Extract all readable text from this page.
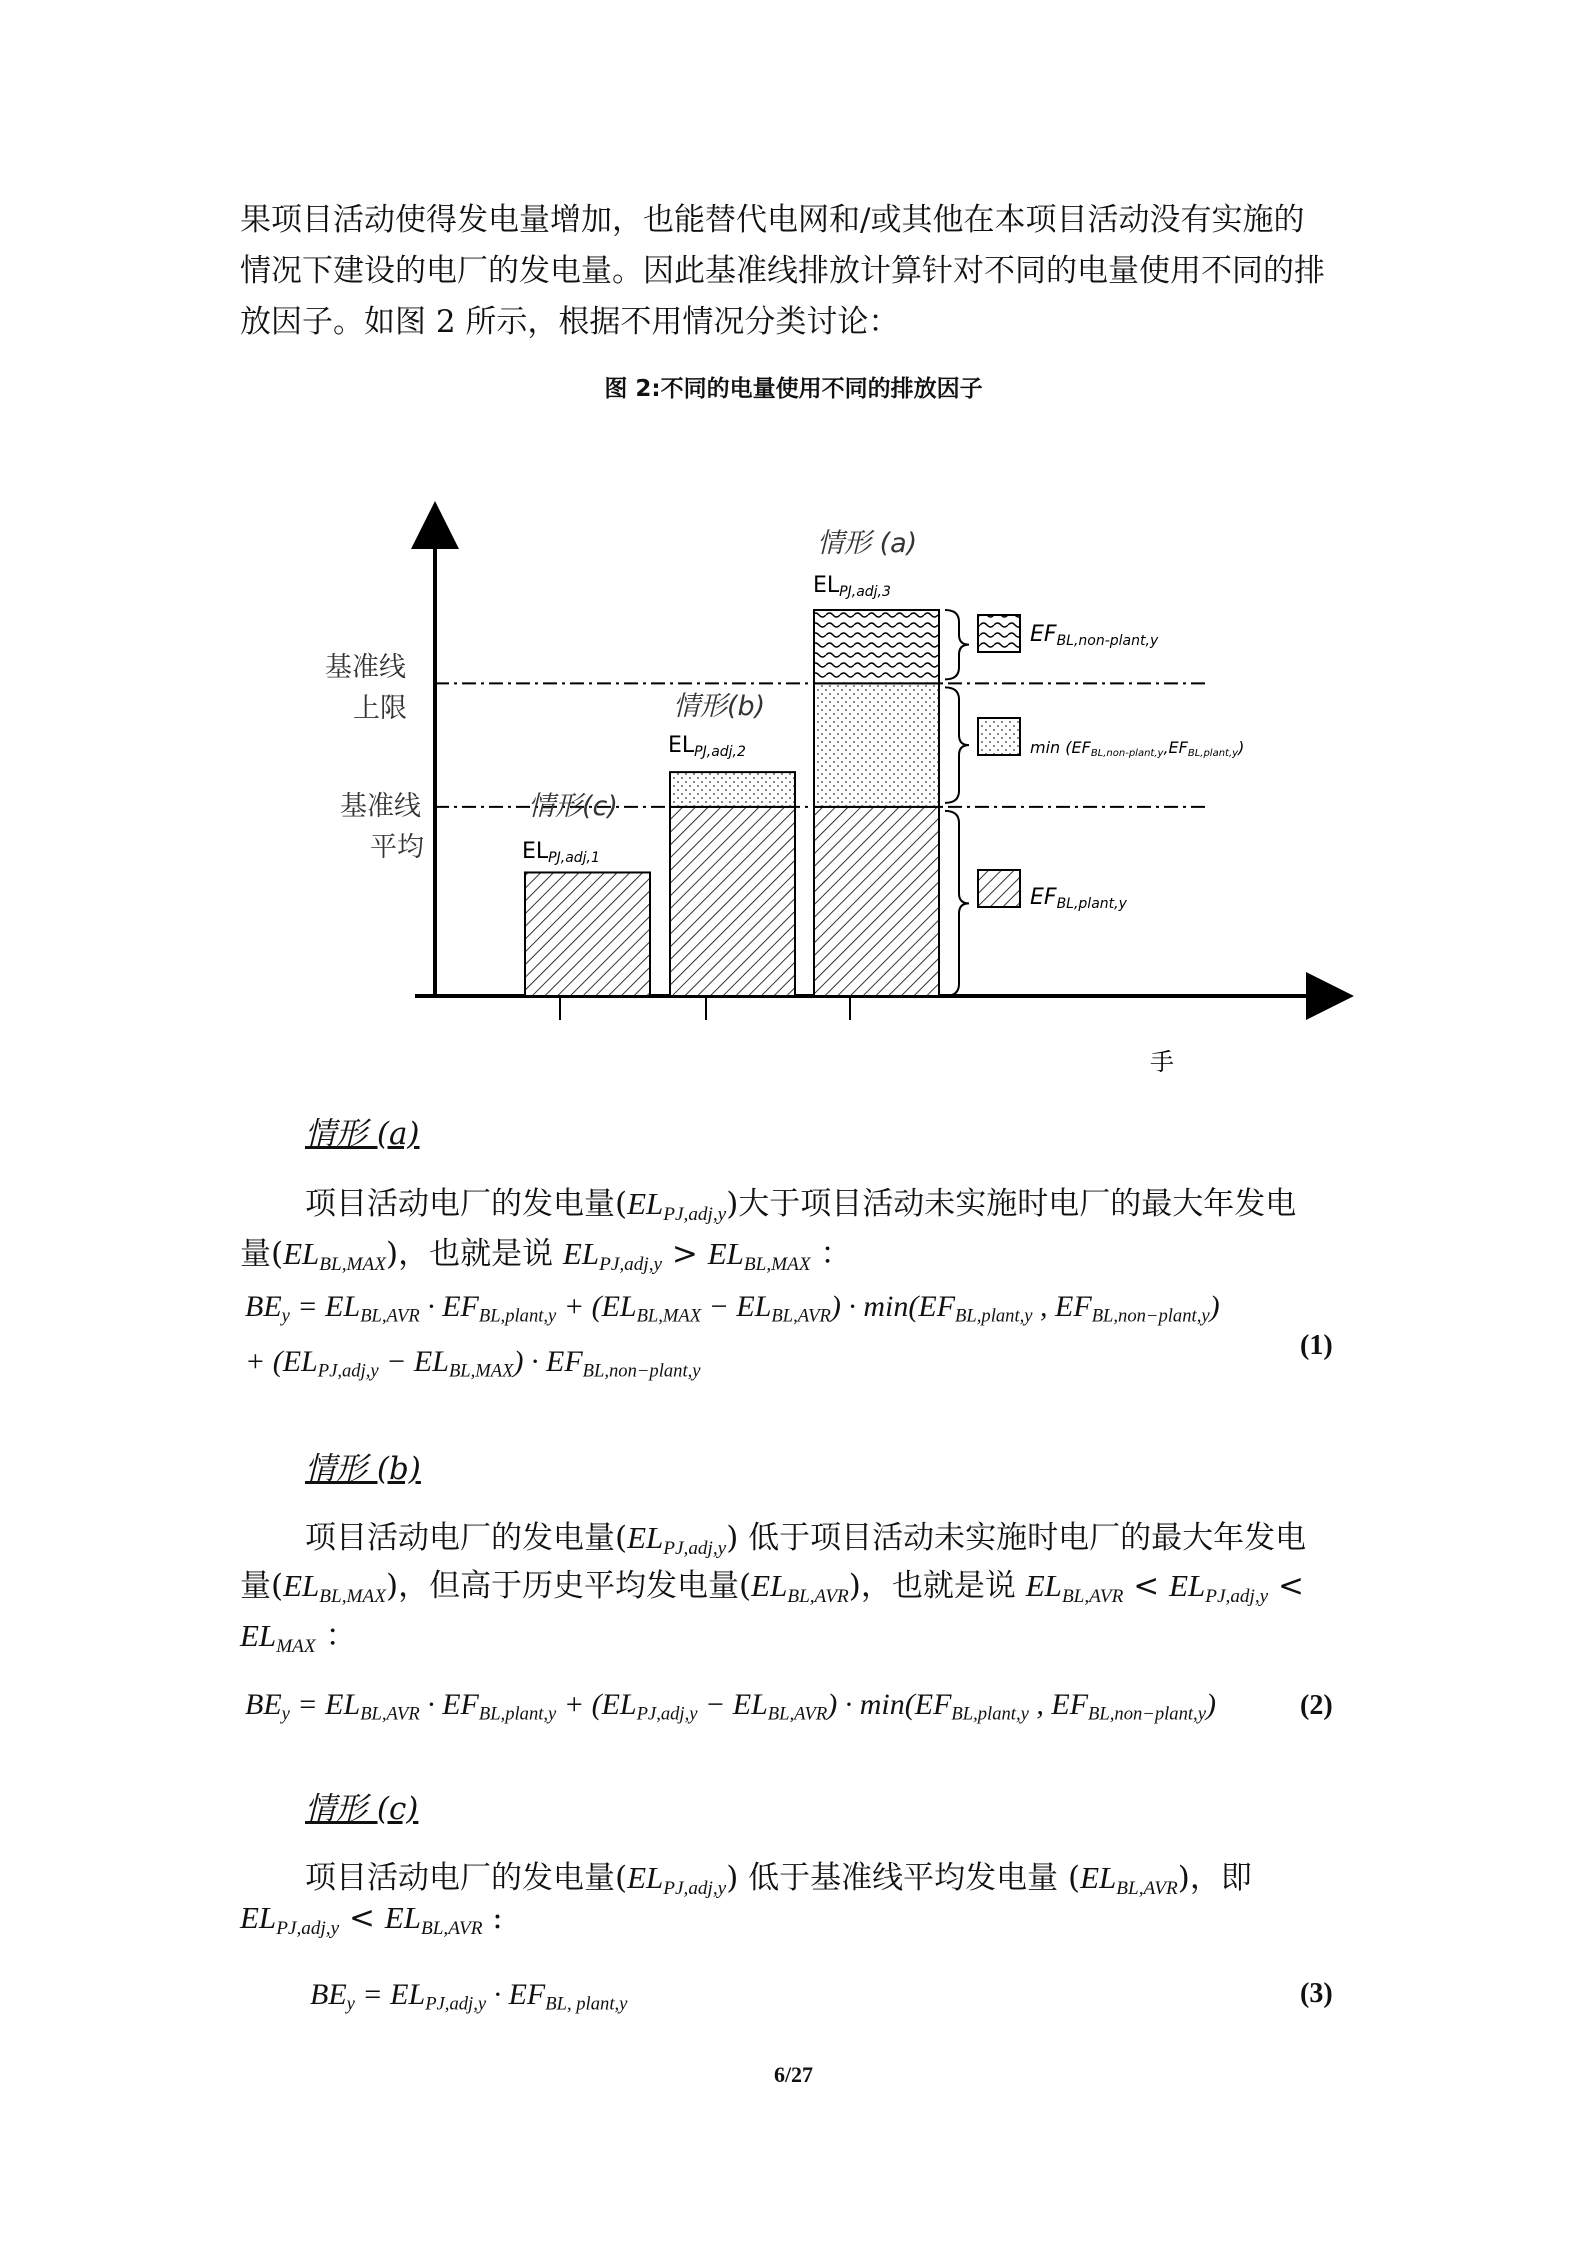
果项目活动使得发电量增加，也能替代电网和/或其他在本项目活动没有实施的
情况下建设的电厂的发电量。因此基准线排放计算针对不同的电量使用不同的排
放因子。如图 2 所示，根据不用情况分类讨论：
图 2:不同的电量使用不同的排放因子
基准线
上限
基准线
平均
情形 (a)
情形(b)
情形(c)
ELPJ,adj,1
ELPJ,adj,2
ELPJ,adj,3
EFBL,non-plant,y
min (EFBL,non-plant,y,EFBL,plant,y)
EFBL,plant,y
手
情形 (a)
项目活动电厂的发电量$(EL_{PJ,adj,y})$大于项目活动未实施时电厂的最大年发电
量$(EL_{BL,MAX})$，也就是说 $EL_{PJ,adj,y} > EL_{BL,MAX}$ ：
$BE_y = EL_{BL,AVR} \cdot EF_{BL,plant,y} + (EL_{BL,MAX} - EL_{BL,AVR}) \cdot \min(EF_{BL,plant,y}$ , $EF_{BL,non-plant,y}$)
+ $(EL_{PJ,adj,y} - EL_{BL,MAX}) \cdot EF_{BL,non-plant,y}$
(1)
情形 (b)
项目活动电厂的发电量$(EL_{PJ,adj,y})$ 低于项目活动未实施时电厂的最大年发电
量$(EL_{BL,MAX})$，但高于历史平均发电量$(EL_{BL,AVR})$，也就是说 $EL_{BL,AVR} < EL_{PJ,adj,y}$ <
$EL_{MAX}$ ：
$BE_y = EL_{BL,AVR} \cdot EF_{BL,plant,y} + (EL_{PJ,adj,y} - EL_{BL,AVR}) \cdot \min(EF_{BL,plant,y}$ , $EF_{BL,non-plant,y}$)	(2)
情形 (c)
项目活动电厂的发电量$(EL_{PJ,adj,y})$ 低于基准线平均发电量 $(EL_{BL,AVR})$，即
$EL_{PJ,adj,y} < EL_{BL,AVR}$ :
$BE_y = EL_{PJ,adj,y} \cdot EF_{BL, plant,y}$	(3)
6/27
